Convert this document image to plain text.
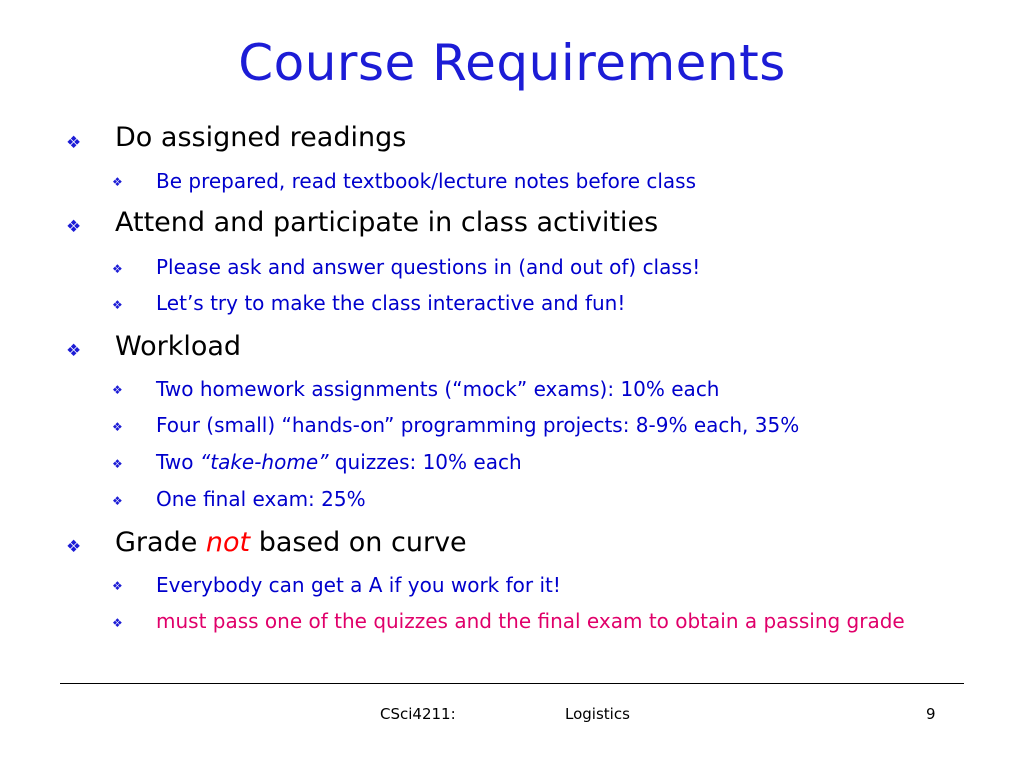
Course Requirements
❖ Do assigned readings
❖ Be prepared, read textbook/lecture notes before class
❖ Attend and participate in class activities
❖ Please ask and answer questions in (and out of) class!
❖ Let’s try to make the class interactive and fun!
❖ Workload
❖ Two homework assignments (“mock” exams): 10% each
❖ Four (small) “hands-on” programming projects: 8-9% each, 35%
❖ Two “take-home” quizzes: 10% each
❖ One final exam: 25%
❖ Grade not based on curve
❖ Everybody can get a A if you work for it!
❖ must pass one of the quizzes and the final exam to obtain a passing grade
CSci4211:	Logistics	9
